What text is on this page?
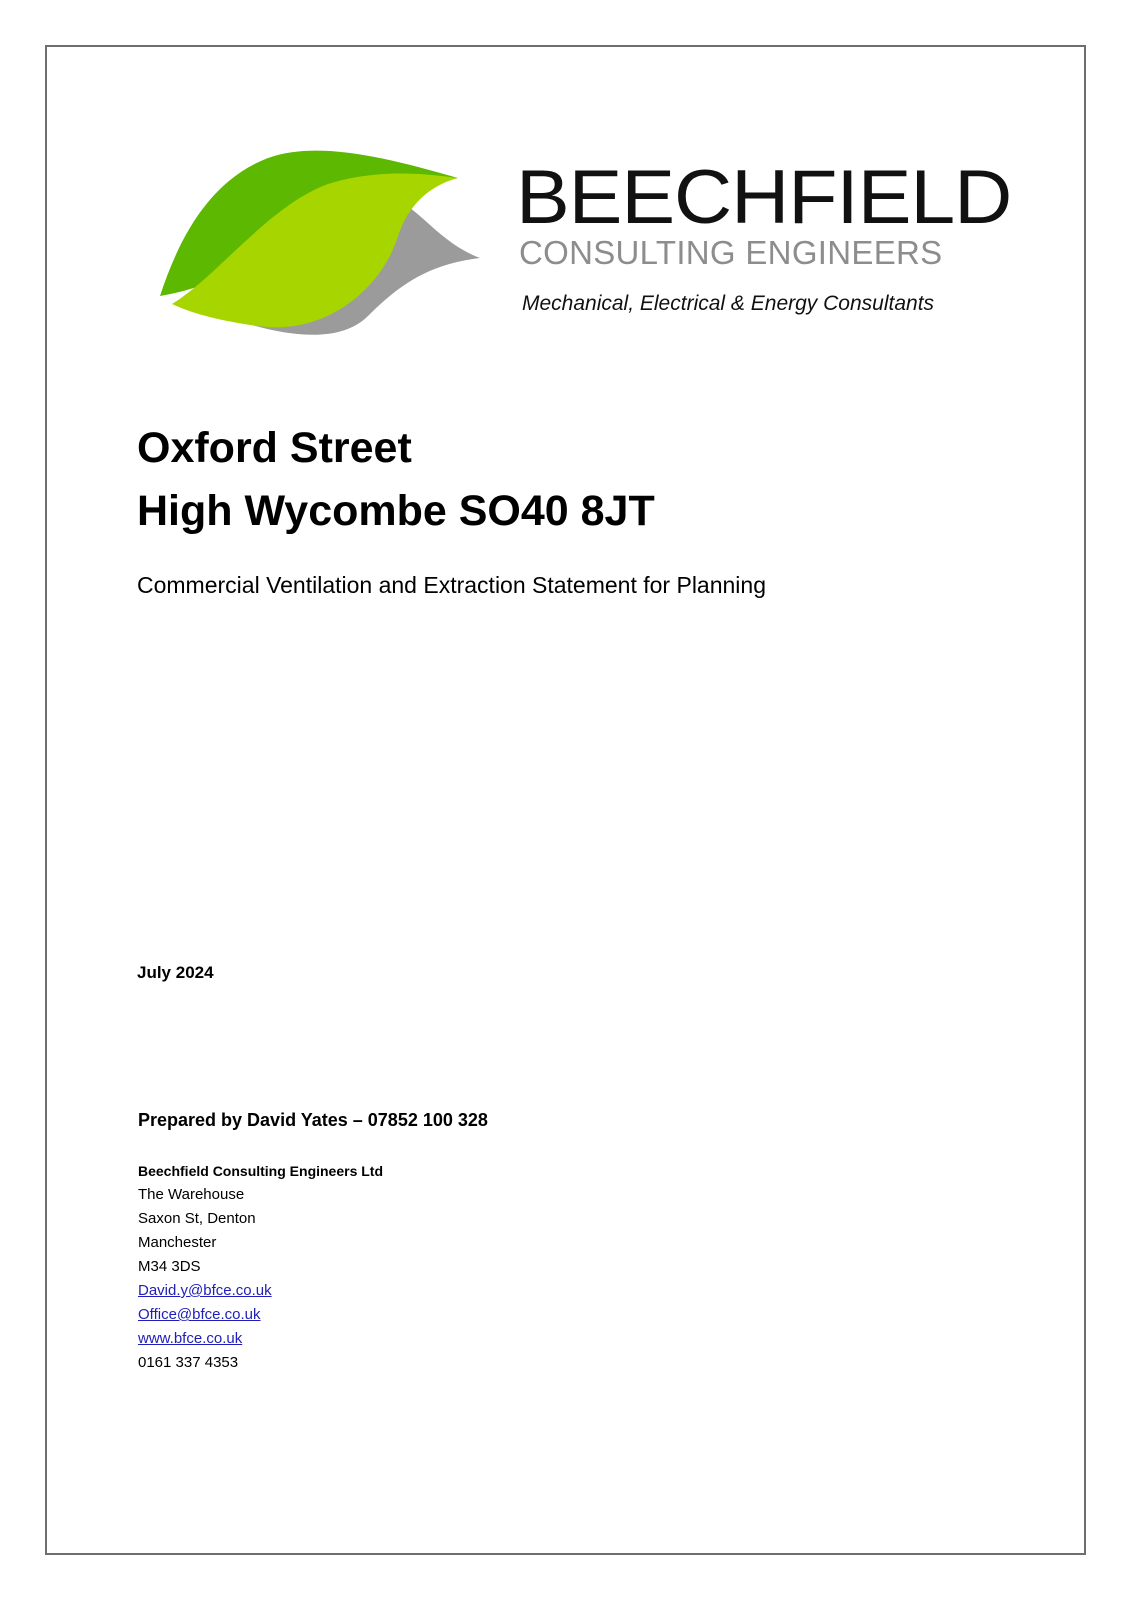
BEECHFIELD
CONSULTING ENGINEERS
Mechanical, Electrical & Energy Consultants
Oxford Street
High Wycombe SO40 8JT
Commercial Ventilation and Extraction Statement for Planning
July 2024
Prepared by David Yates – 07852 100 328
Beechfield Consulting Engineers Ltd
The Warehouse
Saxon St, Denton
Manchester
M34 3DS
David.y@bfce.co.uk
Office@bfce.co.uk
www.bfce.co.uk
0161 337 4353
